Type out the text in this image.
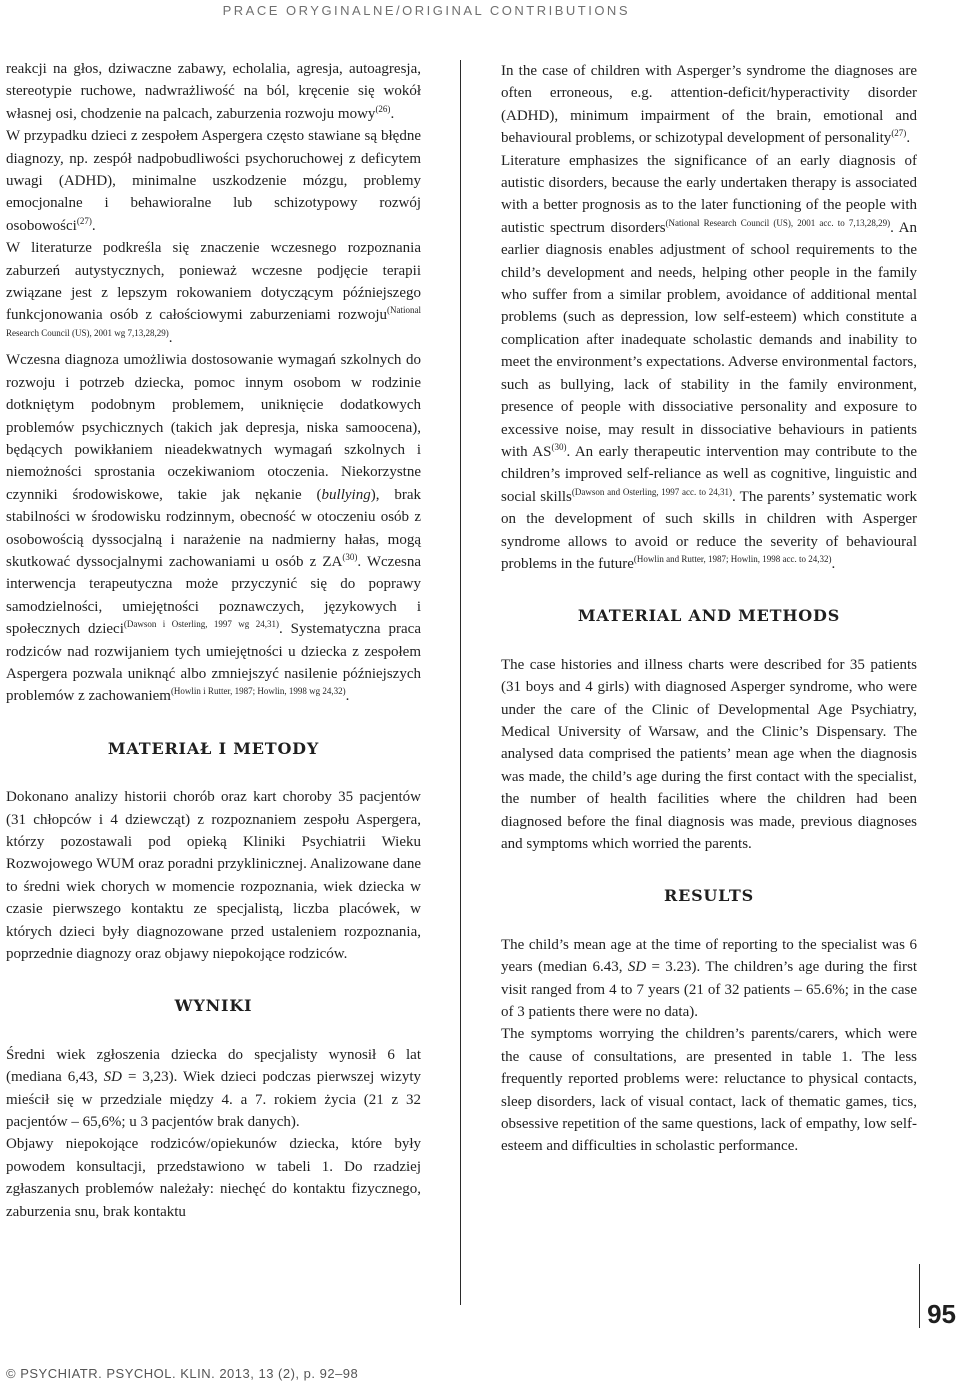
PRACE ORYGINALNE/ORIGINAL CONTRIBUTIONS

reakcji na głos, dziwaczne zabawy, echolalia, agresja, autoagresja, stereotypie ruchowe, nadwrażliwość na ból, kręcenie się wokół własnej osi, chodzenie na palcach, zaburzenia rozwoju mowy$^{(26)}$.

W przypadku dzieci z zespołem Aspergera często stawiane są błędne diagnozy, np. zespół nadpobudliwości psychoruchowej z deficytem uwagi (ADHD), minimalne uszkodzenie mózgu, problemy emocjonalne i behawioralne lub schizotypowy rozwój osobowości$^{(27)}$.

W literaturze podkreśla się znaczenie wczesnego rozpoznania zaburzeń autystycznych, ponieważ wczesne podjęcie terapii związane jest z lepszym rokowaniem dotyczącym późniejszego funkcjonowania osób z całościowymi zaburzeniami rozwoju$^{(National Research Council (US), 2001 wg 7,13,28,29)}$.

Wczesna diagnoza umożliwia dostosowanie wymagań szkolnych do rozwoju i potrzeb dziecka, pomoc innym osobom w rodzinie dotkniętym podobnym problemem, uniknięcie dodatkowych problemów psychicznych (takich jak depresja, niska samoocena), będących powikłaniem nieadekwatnych wymagań szkolnych i niemożności sprostania oczekiwaniom otoczenia. Niekorzystne czynniki środowiskowe, takie jak nękanie (bullying), brak stabilności w środowisku rodzinnym, obecność w otoczeniu osób z osobowością dyssocjalną i narażenie na nadmierny hałas, mogą skutkować dyssocjalnymi zachowaniami u osób z ZA$^{(30)}$. Wczesna interwencja terapeutyczna może przyczynić się do poprawy samodzielności, umiejętności poznawczych, językowych i społecznych dzieci$^{(Dawson i Osterling, 1997 wg 24,31)}$. Systematyczna praca rodziców nad rozwijaniem tych umiejętności u dziecka z zespołem Aspergera pozwala uniknąć albo zmniejszyć nasilenie późniejszych problemów z zachowaniem$^{(Howlin i Rutter, 1987; Howlin, 1998 wg 24,32)}$.

MATERIAŁ I METODY

Dokonano analizy historii chorób oraz kart choroby 35 pacjentów (31 chłopców i 4 dziewcząt) z rozpoznaniem zespołu Aspergera, którzy pozostawali pod opieką Kliniki Psychiatrii Wieku Rozwojowego WUM oraz poradni przyklinicznej. Analizowane dane to średni wiek chorych w momencie rozpoznania, wiek dziecka w czasie pierwszego kontaktu ze specjalistą, liczba placówek, w których dzieci były diagnozowane przed ustaleniem rozpoznania, poprzednie diagnozy oraz objawy niepokojące rodziców.

WYNIKI

Średni wiek zgłoszenia dziecka do specjalisty wynosił 6 lat (mediana 6,43, SD = 3,23). Wiek dzieci podczas pierwszej wizyty mieścił się w przedziale między 4. a 7. rokiem życia (21 z 32 pacjentów – 65,6%; u 3 pacjentów brak danych).

Objawy niepokojące rodziców/opiekunów dziecka, które były powodem konsultacji, przedstawiono w tabeli 1. Do rzadziej zgłaszanych problemów należały: niechęć do kontaktu fizycznego, zaburzenia snu, brak kontaktu

In the case of children with Asperger’s syndrome the diagnoses are often erroneous, e.g. attention-deficit/hyperactivity disorder (ADHD), minimum impairment of the brain, emotional and behavioural problems, or schizotypal development of personality$^{(27)}$.

Literature emphasizes the significance of an early diagnosis of autistic disorders, because the early undertaken therapy is associated with a better prognosis as to the later functioning of the people with autistic spectrum disorders$^{(National Research Council (US), 2001 acc. to 7,13,28,29)}$. An earlier diagnosis enables adjustment of school requirements to the child’s development and needs, helping other people in the family who suffer from a similar problem, avoidance of additional mental problems (such as depression, low self-esteem) which constitute a complication after inadequate scholastic demands and inability to meet the environment’s expectations. Adverse environmental factors, such as bullying, lack of stability in the family environment, presence of people with dissociative personality and exposure to excessive noise, may result in dissociative behaviours in patients with AS$^{(30)}$. An early therapeutic intervention may contribute to the children’s improved self-reliance as well as cognitive, linguistic and social skills$^{(Dawson and Osterling, 1997 acc. to 24,31)}$. The parents’ systematic work on the development of such skills in children with Asperger syndrome allows to avoid or reduce the severity of behavioural problems in the future$^{(Howlin and Rutter, 1987; Howlin, 1998 acc. to 24,32)}$.

MATERIAL AND METHODS

The case histories and illness charts were described for 35 patients (31 boys and 4 girls) with diagnosed Asperger syndrome, who were under the care of the Clinic of Developmental Age Psychiatry, Medical University of Warsaw, and the Clinic’s Dispensary. The analysed data comprised the patients’ mean age when the diagnosis was made, the child’s age during the first contact with the specialist, the number of health facilities where the children had been diagnosed before the final diagnosis was made, previous diagnoses and symptoms which worried the parents.

RESULTS

The child’s mean age at the time of reporting to the specialist was 6 years (median 6.43, SD = 3.23). The children’s age during the first visit ranged from 4 to 7 years (21 of 32 patients – 65.6%; in the case of 3 patients there were no data).

The symptoms worrying the children’s parents/carers, which were the cause of consultations, are presented in table 1. The less frequently reported problems were: reluctance to physical contacts, sleep disorders, lack of visual contact, lack of thematic games, tics, obsessive repetition of the same questions, lack of empathy, low self-esteem and difficulties in scholastic performance.

95
© PSYCHIATR. PSYCHOL. KLIN. 2013, 13 (2), p. 92–98
